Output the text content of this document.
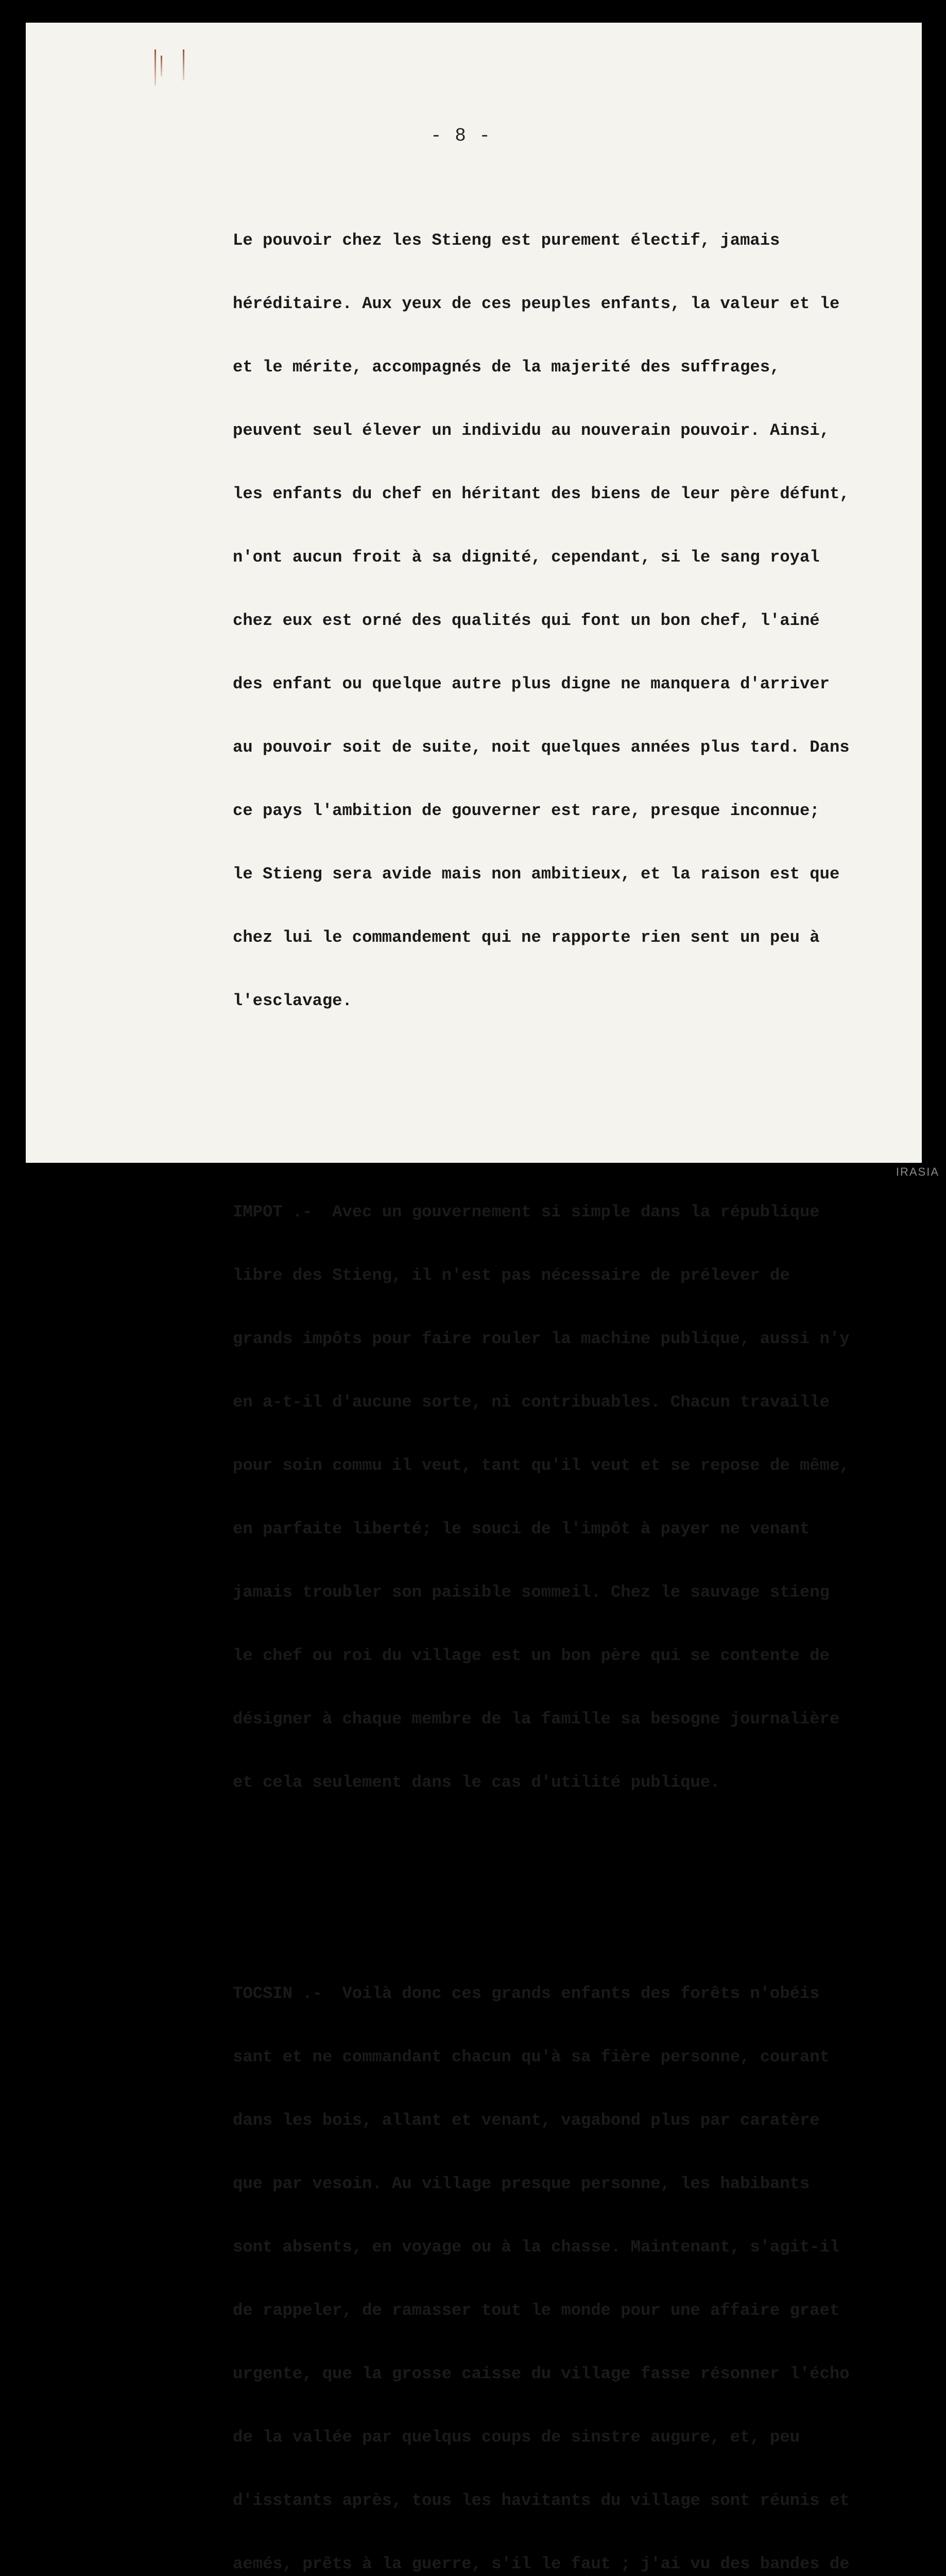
- 8 -

Le pouvoir chez les Stieng est purement électif, jamais

héréditaire. Aux yeux de ces peuples enfants, la valeur et le

et le mérite, accompagnés de la majerité des suffrages,

peuvent seul élever un individu au nouverain pouvoir. Ainsi,

les enfants du chef en héritant des biens de leur père défunt,

n'ont aucun froit à sa dignité, cependant, si le sang royal

chez eux est orné des qualités qui font un bon chef, l'ainé

des enfant ou quelque autre plus digne ne manquera d'arriver

au pouvoir soit de suite, noit quelques années plus tard. Dans

ce pays l'ambition de gouverner est rare, presque inconnue;

le Stieng sera avide mais non ambitieux, et la raison est que

chez lui le commandement qui ne rapporte rien sent un peu à

l'esclavage.

IMPOT .-  Avec un gouvernement si simple dans la république

libre des Stieng, il n'est pas nécessaire de prélever de

grands impôts pour faire rouler la machine publique, aussi n'y

en a-t-il d'aucune sorte, ni contribuables. Chacun travaille

pour soin commu il veut, tant qu'il veut et se repose de même,

en parfaite liberté; le souci de l'impôt à payer ne venant

jamais troubler son paisible sommeil. Chez le sauvage stieng

le chef ou roi du village est un bon père qui se contente de

désigner à chaque membre de la famille sa besogne journalière

et cela seulement dans le cas d'utilité publique.

TOCSIN .-  Voilà donc ces grands enfants des forêts n'obéis

sant et ne commandant chacun qu'à sa fière personne, courant

dans les bois, allant et venant, vagabond plus par caratère

que par vesoin. Au village presque personne, les habibants

sont absents, en voyage ou à la chasse. Maintenant, s'agit-il

de rappeler, de ramasser tout le monde pour une affaire graet

urgente, que la grosse caisse du village fasse résonner l'écho

de la vallée par quelqus coups de sinstre augure, et, peu

d'isstants après, tous les havitants du village sont réunis et

aemés, prêts à la guerre, s'il le faut ; j'ai vu des bandes de

IRASIA
